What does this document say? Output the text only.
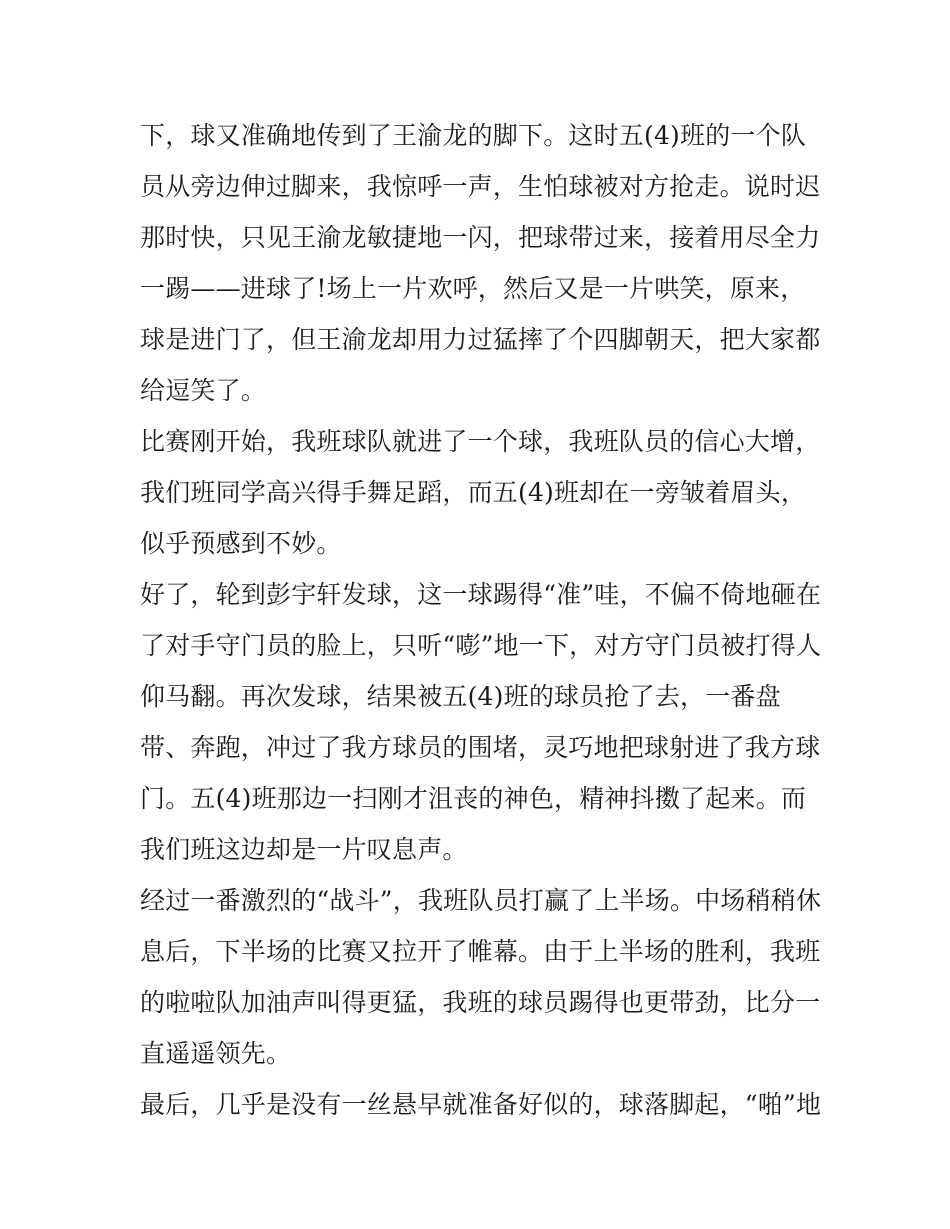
下，球又准确地传到了王渝龙的脚下。这时五(4)班的一个队
员从旁边伸过脚来，我惊呼一声，生怕球被对方抢走。说时迟
那时快，只见王渝龙敏捷地一闪，把球带过来，接着用尽全力
一踢——进球了!场上一片欢呼，然后又是一片哄笑，原来，
球是进门了，但王渝龙却用力过猛摔了个四脚朝天，把大家都
给逗笑了。
比赛刚开始，我班球队就进了一个球，我班队员的信心大增，
我们班同学高兴得手舞足蹈，而五(4)班却在一旁皱着眉头，
似乎预感到不妙。
好了，轮到彭宇轩发球，这一球踢得“准”哇，不偏不倚地砸在
了对手守门员的脸上，只听“嘭”地一下，对方守门员被打得人
仰马翻。再次发球，结果被五(4)班的球员抢了去，一番盘
带、奔跑，冲过了我方球员的围堵，灵巧地把球射进了我方球
门。五(4)班那边一扫刚才沮丧的神色，精神抖擞了起来。而
我们班这边却是一片叹息声。
经过一番激烈的“战斗”，我班队员打赢了上半场。中场稍稍休
息后，下半场的比赛又拉开了帷幕。由于上半场的胜利，我班
的啦啦队加油声叫得更猛，我班的球员踢得也更带劲，比分一
直遥遥领先。
最后，几乎是没有一丝悬早就准备好似的，球落脚起，“啪”地
